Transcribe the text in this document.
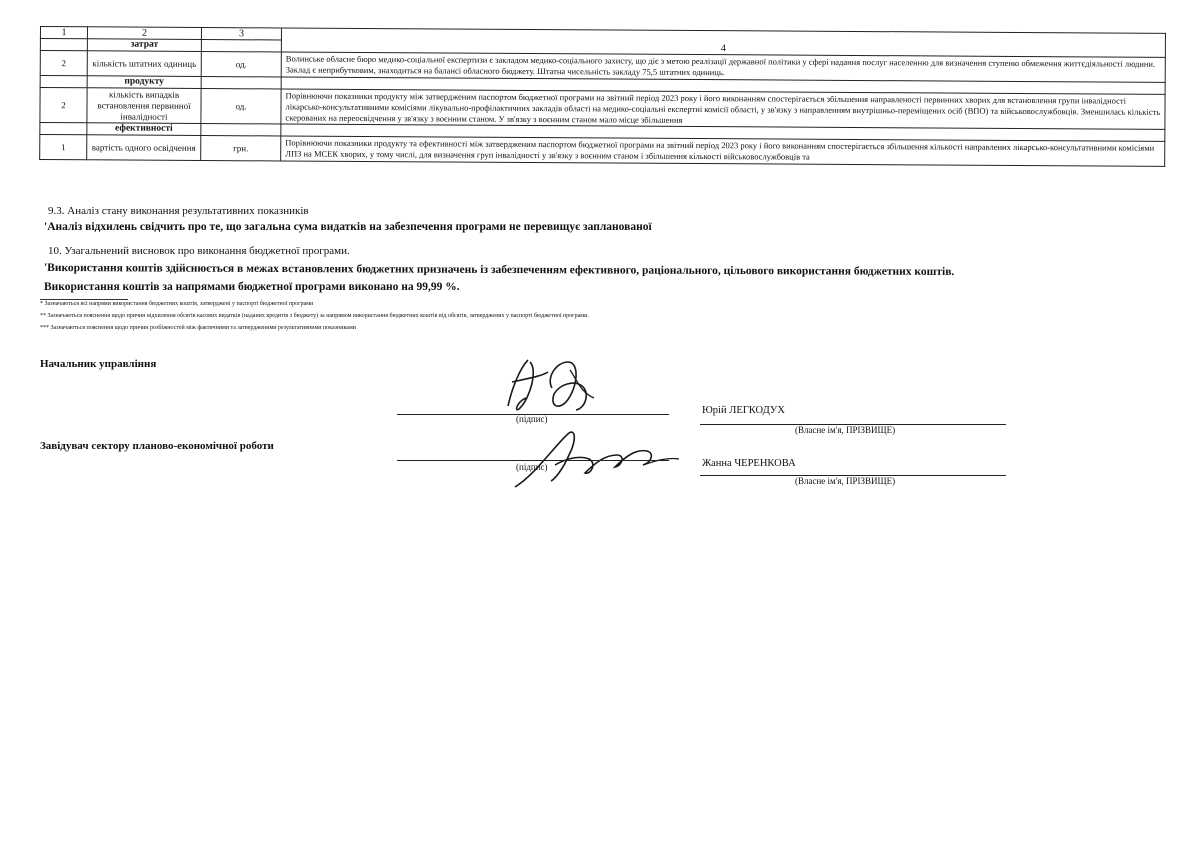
1	2	3	4
	затрат		
2	кількість штатних одиниць	од.	Волинське обласне бюро медико-соціальної експертизи є закладом медико-соціального захисту, що діє з метою реалізації державної політики у сфері надання послуг населенню для визначення ступеню обмеження життєдіяльності людини. Заклад є неприбутковим, знаходиться на балансі обласного бюджету. Штатна чисельність закладу 75,5 штатних одиниць.
	продукту		
2	кількість випадків встановлення первинної інвалідності	од.	Порівнюючи показники продукту між затвердженим паспортом бюджетної програми на звітний період 2023 року і його виконанням спостерігається збільшення направленості первинних хворих для встановлення групи інвалідності лікарсько-консультативними комісіями лікувально-профілактичних закладів області на медико-соціальні експертні комісії області, у зв'язку з направленням внутрішньо-переміщених осіб (ВПО) та військовослужбовців. Зменшилась кількість скерованих на переосвідчення у зв'язку з воєнним станом. У зв'язку з воєнним станом мало місце збільшення
	ефективності		
1	вартість одного освідчення	грн.	Порівнюючи показники продукту та ефективності між затвердженим паспортом бюджетної програми на звітний період 2023 року і його виконанням спостерігається збільшення кількості направлених лікарсько-консультативними комісіями ЛПЗ на МСЕК хворих, у тому числі, для визначення груп інвалідності у зв'язку з воєнним станом і збільшення кількості військовослужбовців та
9.3. Аналіз стану виконання результативних показників
'Аналіз відхилень свідчить про те, що загальна сума видатків на забезпечення програми не перевищує запланованої
10. Узагальнений висновок про виконання бюджетної програми.
'Використання коштів здійснюється в межах встановлених бюджетних призначень із забезпеченням ефективного, раціонального, цільового використання бюджетних коштів.
Використання коштів за напрямами бюджетної програми виконано на 99,99 %.
* Зазначаються всі напрями використання бюджетних коштів, затверджені у паспорті бюджетної програми
** Зазначаються пояснення щодо причин відхилення обсягів касових видатків (наданих кредитів з бюджету) за напрямом використання бюджетних коштів від обсягів, затверджених у паспорті бюджетної програми.
*** Зазначаються пояснення щодо причин розбіжностей між фактичними та затвердженими результативними показниками
Начальник управління
(підпис)
Юрій ЛЕГКОДУХ
(Власне ім'я, ПРІЗВИЩЕ)
Завідувач сектору планово-економічної роботи
(підпис)	Жанна ЧЕРЕНКОВА
(Власне ім'я, ПРІЗВИЩЕ)
